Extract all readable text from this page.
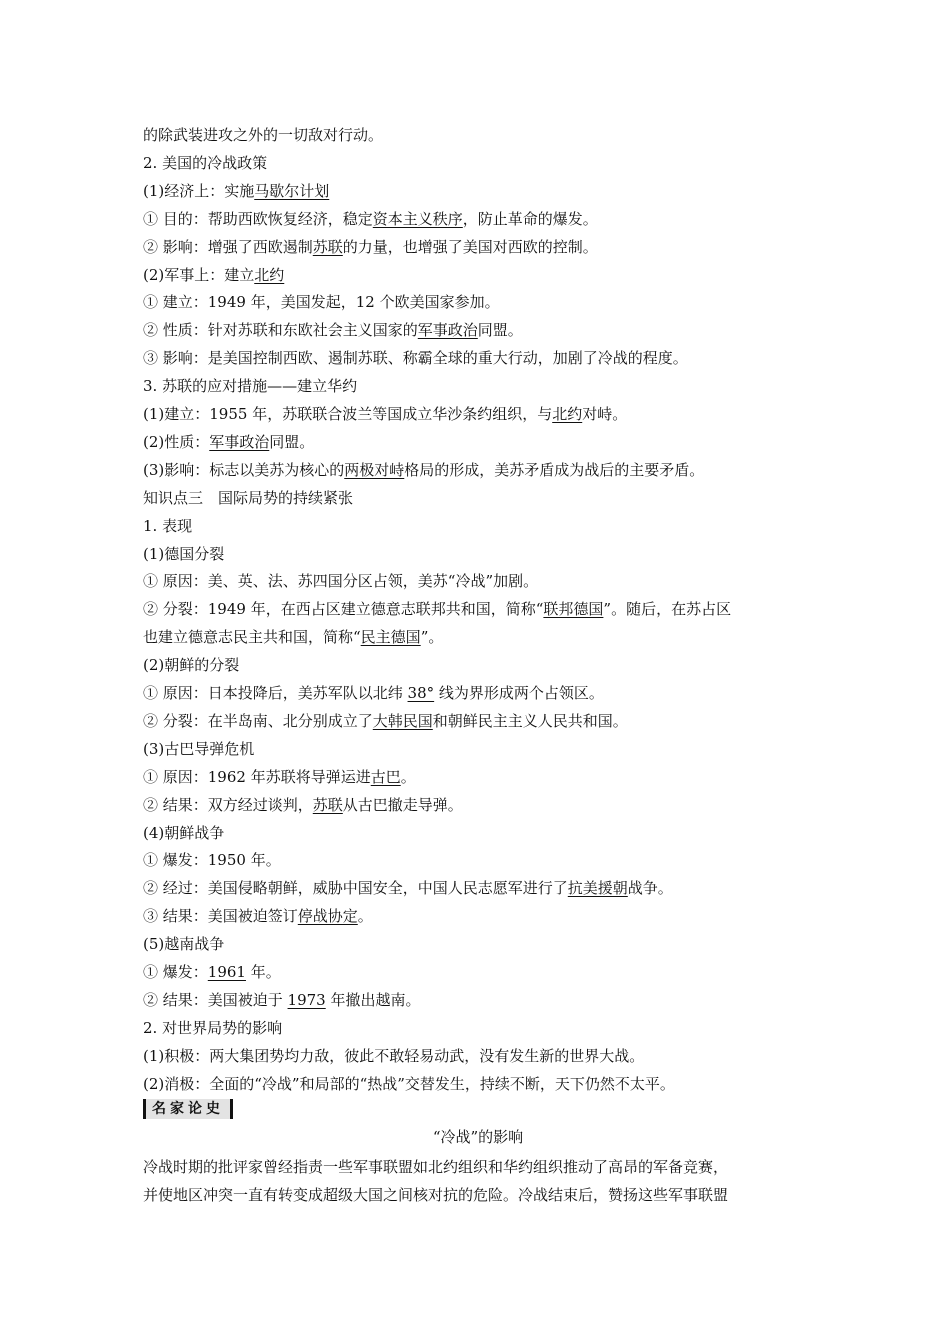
的除武装进攻之外的一切敌对行动。
2. 美国的冷战政策
(1)经济上：实施马歇尔计划
① 目的：帮助西欧恢复经济，稳定资本主义秩序，防止革命的爆发。
② 影响：增强了西欧遏制苏联的力量，也增强了美国对西欧的控制。
(2)军事上：建立北约
① 建立：1949 年，美国发起，12 个欧美国家参加。
② 性质：针对苏联和东欧社会主义国家的军事政治同盟。
③ 影响：是美国控制西欧、遏制苏联、称霸全球的重大行动，加剧了冷战的程度。
3. 苏联的应对措施——建立华约
(1)建立：1955 年，苏联联合波兰等国成立华沙条约组织，与北约对峙。
(2)性质：军事政治同盟。
(3)影响：标志以美苏为核心的两极对峙格局的形成，美苏矛盾成为战后的主要矛盾。
知识点三　国际局势的持续紧张
1. 表现
(1)德国分裂
① 原因：美、英、法、苏四国分区占领，美苏“冷战”加剧。
② 分裂：1949 年，在西占区建立德意志联邦共和国，简称“联邦德国”。随后，在苏占区
也建立德意志民主共和国，简称“民主德国”。
(2)朝鲜的分裂
① 原因：日本投降后，美苏军队以北纬 38° 线为界形成两个占领区。
② 分裂：在半岛南、北分别成立了大韩民国和朝鲜民主主义人民共和国。
(3)古巴导弹危机
① 原因：1962 年苏联将导弹运进古巴。
② 结果：双方经过谈判，苏联从古巴撤走导弹。
(4)朝鲜战争
① 爆发：1950 年。
② 经过：美国侵略朝鲜，威胁中国安全，中国人民志愿军进行了抗美援朝战争。
③ 结果：美国被迫签订停战协定。
(5)越南战争
① 爆发：1961 年。
② 结果：美国被迫于 1973 年撤出越南。
2. 对世界局势的影响
(1)积极：两大集团势均力敌，彼此不敢轻易动武，没有发生新的世界大战。
(2)消极：全面的“冷战”和局部的“热战”交替发生，持续不断，天下仍然不太平。
名家论史
“冷战”的影响
冷战时期的批评家曾经指责一些军事联盟如北约组织和华约组织推动了高昂的军备竞赛，
并使地区冲突一直有转变成超级大国之间核对抗的危险。冷战结束后，赞扬这些军事联盟
